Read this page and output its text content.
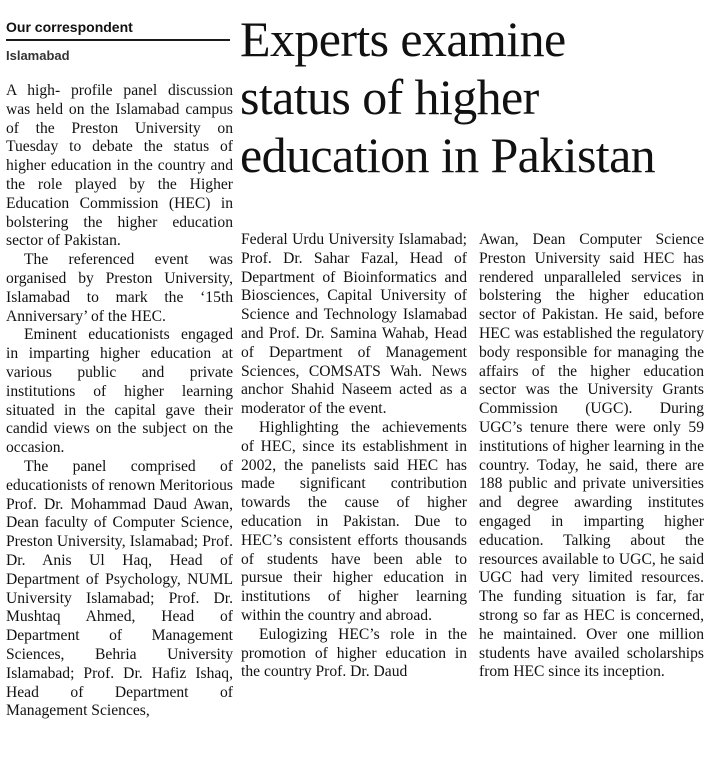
Our correspondent
Islamabad	Experts examine
status of higher
education in Pakistan

A high- profile panel discussion was held on the Islamabad campus of the Preston University on Tuesday to debate the status of higher education in the country and the role played by the Higher Education Commission (HEC) in bolstering the higher education sector of Pakistan.

The referenced event was organised by Preston University, Islamabad to mark the ‘15th Anniversary’ of the HEC.

Eminent educationists engaged in imparting higher education at various public and private institutions of higher learning situated in the capital gave their candid views on the subject on the occasion.

The panel comprised of educationists of renown Meritorious Prof. Dr. Mohammad Daud Awan, Dean faculty of Computer Science, Preston University, Islamabad; Prof. Dr. Anis Ul Haq, Head of Department of Psychology, NUML University Islamabad; Prof. Dr. Mushtaq Ahmed, Head of Department of Management Sciences, Behria University Islamabad; Prof. Dr. Hafiz Ishaq, Head of Department of Management Sciences,

Federal Urdu University Islamabad; Prof. Dr. Sahar Fazal, Head of Department of Bioinformatics and Biosciences, Capital University of Science and Technology Islamabad and Prof. Dr. Samina Wahab, Head of Department of Management Sciences, COMSATS Wah. News anchor Shahid Naseem acted as a moderator of the event.

Highlighting the achievements of HEC, since its establishment in 2002, the panelists said HEC has made significant contribution towards the cause of higher education in Pakistan. Due to HEC’s consistent efforts thousands of students have been able to pursue their higher education in institutions of higher learning within the country and abroad.

Eulogizing HEC’s role in the promotion of higher education in the country Prof. Dr. Daud

Awan, Dean Computer Science Preston University said HEC has rendered unparalleled services in bolstering the higher education sector of Pakistan. He said, before HEC was established the regulatory body responsible for managing the affairs of the higher education sector was the University Grants Commission (UGC). During UGC’s tenure there were only 59 institutions of higher learning in the country. Today, he said, there are 188 public and private universities and degree awarding institutes engaged in imparting higher education. Talking about the resources available to UGC, he said UGC had very limited resources. The funding situation is far, far strong so far as HEC is concerned, he maintained. Over one million students have availed scholarships from HEC since its inception.
